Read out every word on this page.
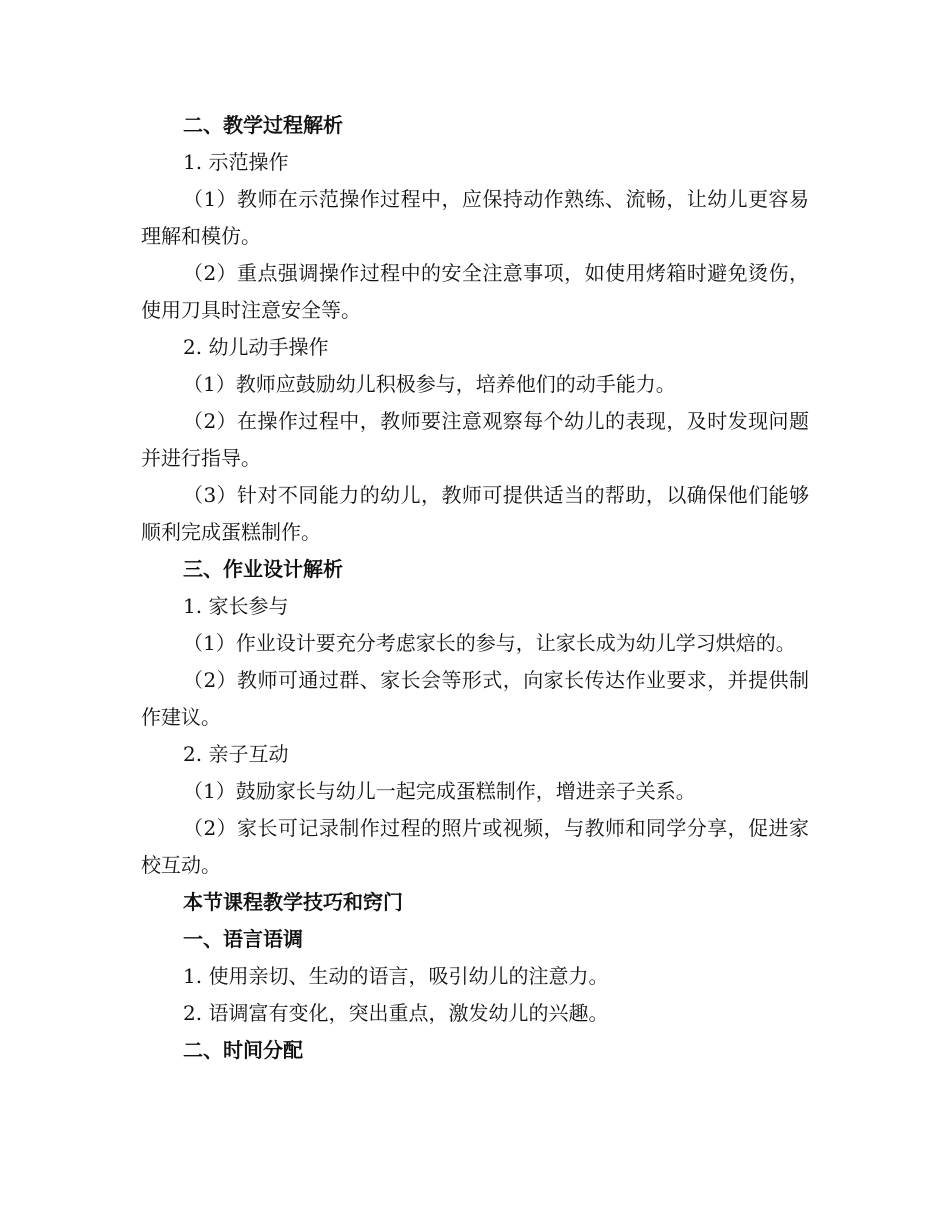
二、教学过程解析

1. 示范操作

（1）教师在示范操作过程中，应保持动作熟练、流畅，让幼儿更容易理解和模仿。

（2）重点强调操作过程中的安全注意事项，如使用烤箱时避免烫伤，使用刀具时注意安全等。

2. 幼儿动手操作

（1）教师应鼓励幼儿积极参与，培养他们的动手能力。

（2）在操作过程中，教师要注意观察每个幼儿的表现，及时发现问题并进行指导。

（3）针对不同能力的幼儿，教师可提供适当的帮助，以确保他们能够顺利完成蛋糕制作。

三、作业设计解析

1. 家长参与

（1）作业设计要充分考虑家长的参与，让家长成为幼儿学习烘焙的。

（2）教师可通过群、家长会等形式，向家长传达作业要求，并提供制作建议。

2. 亲子互动

（1）鼓励家长与幼儿一起完成蛋糕制作，增进亲子关系。

（2）家长可记录制作过程的照片或视频，与教师和同学分享，促进家校互动。

本节课程教学技巧和窍门

一、语言语调

1. 使用亲切、生动的语言，吸引幼儿的注意力。

2. 语调富有变化，突出重点，激发幼儿的兴趣。

二、时间分配
